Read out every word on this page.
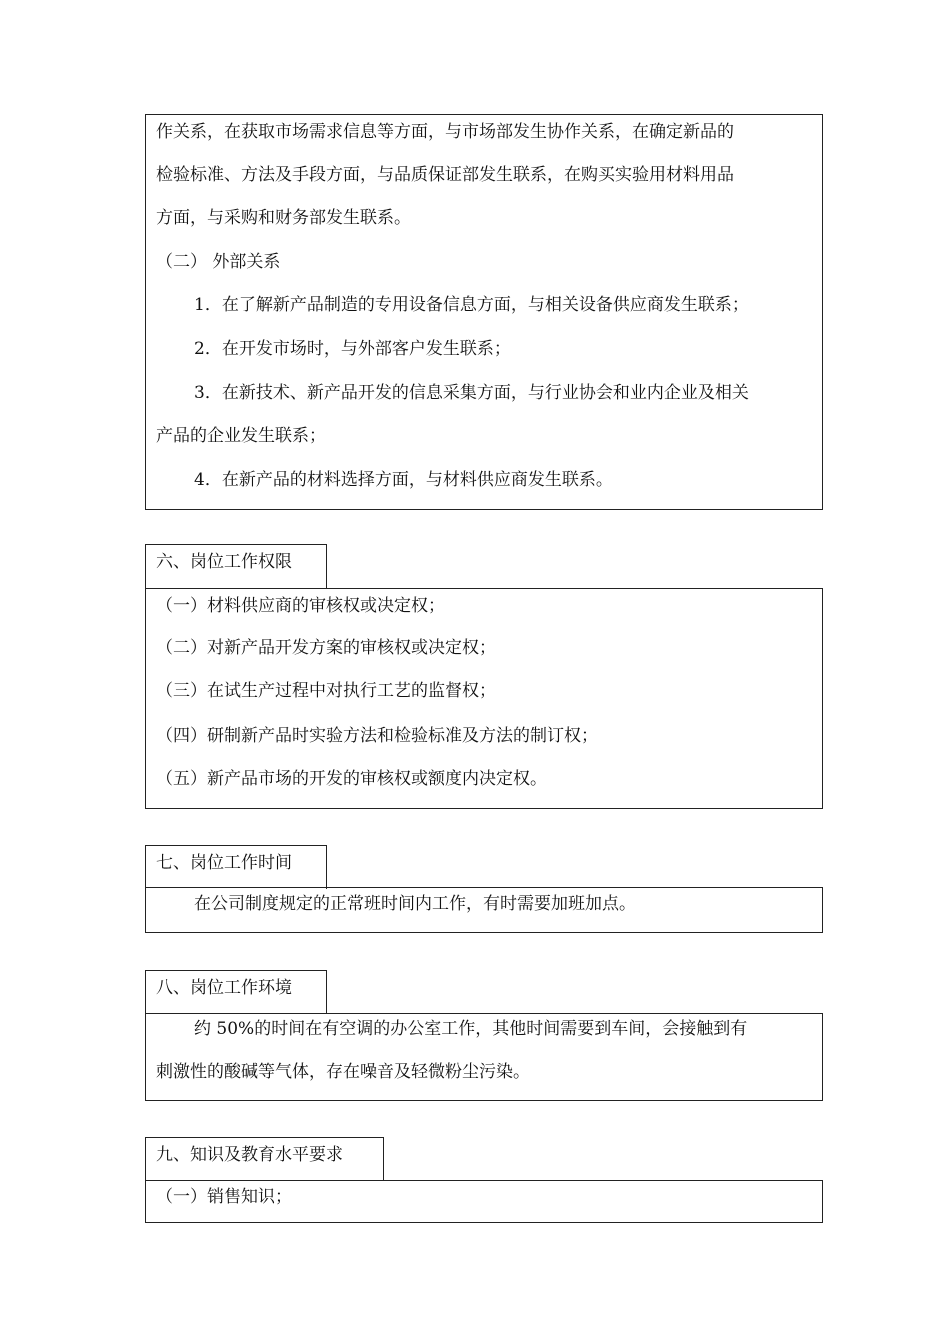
作关系，在获取市场需求信息等方面，与市场部发生协作关系，在确定新品的
检验标准、方法及手段方面，与品质保证部发生联系，在购买实验用材料用品
方面，与采购和财务部发生联系。
（二） 外部关系
1．在了解新产品制造的专用设备信息方面，与相关设备供应商发生联系；
2．在开发市场时，与外部客户发生联系；
3．在新技术、新产品开发的信息采集方面，与行业协会和业内企业及相关
产品的企业发生联系；
4．在新产品的材料选择方面，与材料供应商发生联系。
六、岗位工作权限
（一）材料供应商的审核权或决定权；
（二）对新产品开发方案的审核权或决定权；
（三）在试生产过程中对执行工艺的监督权；
（四）研制新产品时实验方法和检验标准及方法的制订权；
（五）新产品市场的开发的审核权或额度内决定权。
七、岗位工作时间
在公司制度规定的正常班时间内工作，有时需要加班加点。
八、岗位工作环境
约 50%的时间在有空调的办公室工作，其他时间需要到车间，会接触到有
刺激性的酸碱等气体，存在噪音及轻微粉尘污染。
九、知识及教育水平要求
（一）销售知识；
